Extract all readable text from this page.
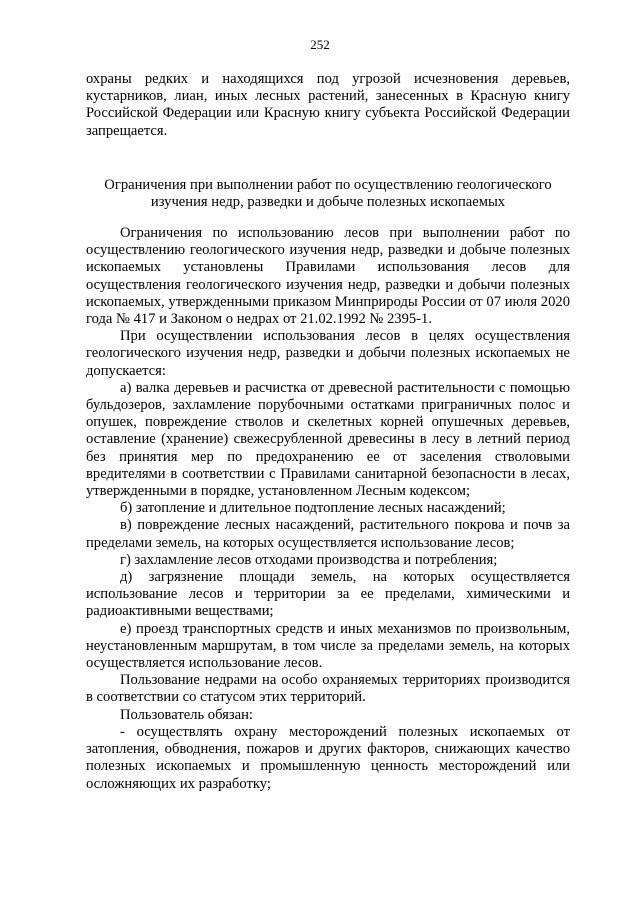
252

охраны редких и находящихся под угрозой исчезновения деревьев, кустарников, лиан, иных лесных растений, занесенных в Красную книгу Российской Федерации или Красную книгу субъекта Российской Федерации запрещается.

Ограничения при выполнении работ по осуществлению геологического изучения недр, разведки и добыче полезных ископаемых

Ограничения по использованию лесов при выполнении работ по осуществлению геологического изучения недр, разведки и добыче полезных ископаемых установлены Правилами использования лесов для осуществления геологического изучения недр, разведки и добычи полезных ископаемых, утвержденными приказом Минприроды России от 07 июля 2020 года № 417 и Законом о недрах от 21.02.1992 № 2395-1.

При осуществлении использования лесов в целях осуществления геологического изучения недр, разведки и добычи полезных ископаемых не допускается:

а) валка деревьев и расчистка от древесной растительности с помощью бульдозеров, захламление порубочными остатками приграничных полос и опушек, повреждение стволов и скелетных корней опушечных деревьев, оставление (хранение) свежесрубленной древесины в лесу в летний период без принятия мер по предохранению ее от заселения стволовыми вредителями в соответствии с Правилами санитарной безопасности в лесах, утвержденными в порядке, установленном Лесным кодексом;

б) затопление и длительное подтопление лесных насаждений;

в) повреждение лесных насаждений, растительного покрова и почв за пределами земель, на которых осуществляется использование лесов;

г) захламление лесов отходами производства и потребления;

д) загрязнение площади земель, на которых осуществляется использование лесов и территории за ее пределами, химическими и радиоактивными веществами;

е) проезд транспортных средств и иных механизмов по произвольным, неустановленным маршрутам, в том числе за пределами земель, на которых осуществляется использование лесов.

Пользование недрами на особо охраняемых территориях производится в соответствии со статусом этих территорий.

Пользователь обязан:

- осуществлять охрану месторождений полезных ископаемых от затопления, обводнения, пожаров и других факторов, снижающих качество полезных ископаемых и промышленную ценность месторождений или осложняющих их разработку;
